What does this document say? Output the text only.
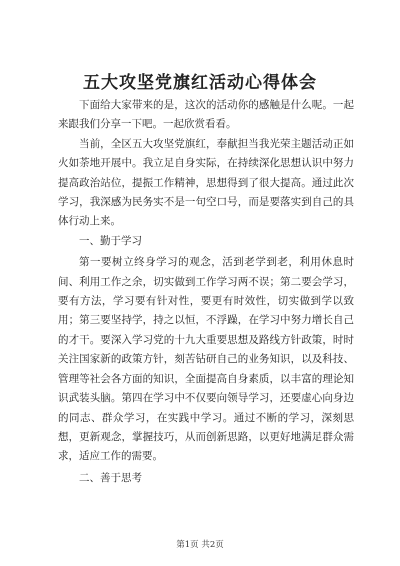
五大攻坚党旗红活动心得体会

下面给大家带来的是，这次的活动你的感触是什么呢。一起来跟我们分享一下吧。一起欣赏看看。

当前，全区五大攻坚党旗红，奉献担当我光荣主题活动正如火如荼地开展中。我立足自身实际，在持续深化思想认识中努力提高政治站位，提振工作精神，思想得到了很大提高。通过此次学习，我深感为民务实不是一句空口号，而是要落实到自己的具体行动上来。

一、勤于学习

第一要树立终身学习的观念，活到老学到老，利用休息时间、利用工作之余，切实做到工作学习两不误；第二要会学习，要有方法，学习要有针对性，要更有时效性，切实做到学以致用；第三要坚持学，持之以恒，不浮躁，在学习中努力增长自己的才干。要深入学习党的十九大重要思想及路线方针政策，时时关注国家新的政策方针，刻苦钻研自己的业务知识，以及科技、管理等社会各方面的知识，全面提高自身素质，以丰富的理论知识武装头脑。第四在学习中不仅要向领导学习，还要虚心向身边的同志、群众学习，在实践中学习。通过不断的学习，深刻思想，更新观念，掌握技巧，从而创新思路，以更好地满足群众需求，适应工作的需要。

二、善于思考

第1页 共2页
